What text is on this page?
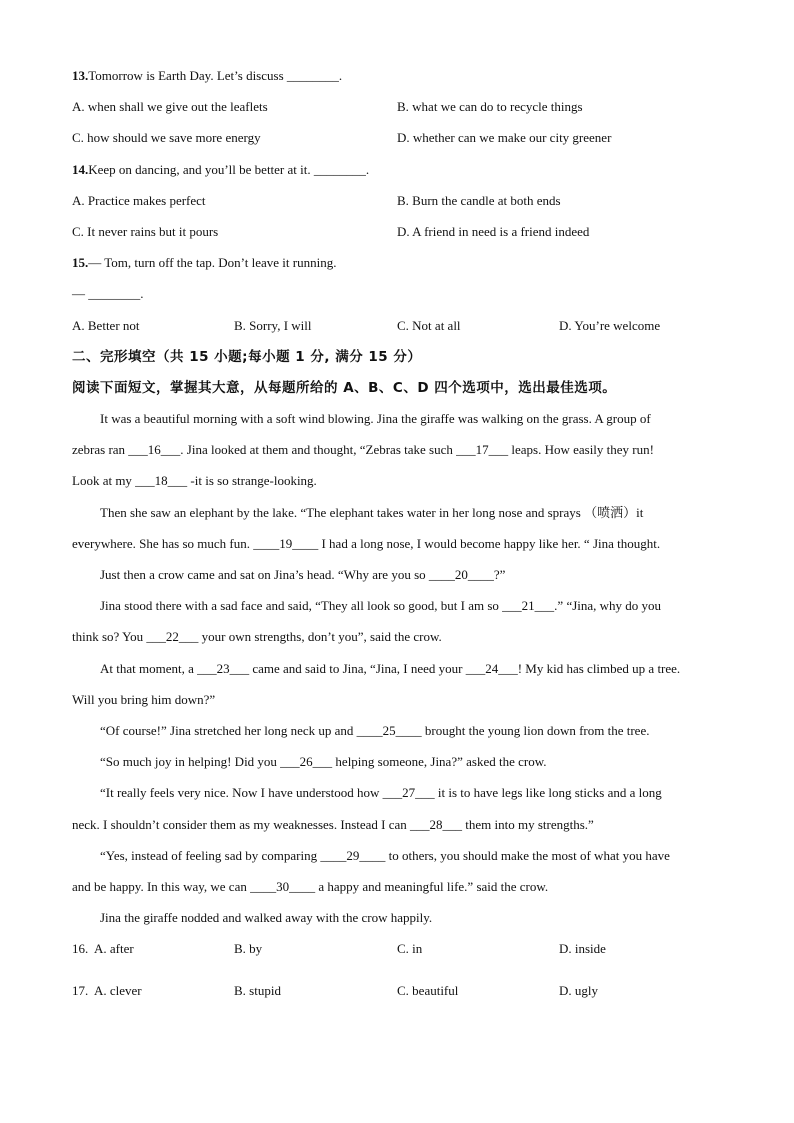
13. Tomorrow is Earth Day. Let’s discuss ________.
A. when shall we give out the leaflets	B. what we can do to recycle things
C. how should we save more energy	D. whether can we make our city greener
14. Keep on dancing, and you’ll be better at it. ________.
A. Practice makes perfect	B. Burn the candle at both ends
C. It never rains but it pours	D. A friend in need is a friend indeed
15. — Tom, turn off the tap. Don’t leave it running.
— ________.
A. Better not	B. Sorry, I will	C. Not at all	D. You’re welcome
二、完形填空（共 15 小题;每小题 1 分, 满分 15 分）
阅读下面短文，掌握其大意，从每题所给的 A、B、C、D 四个选项中，选出最佳选项。
It was a beautiful morning with a soft wind blowing. Jina the giraffe was walking on the grass. A group of
zebras ran ___16___. Jina looked at them and thought, “Zebras take such ___17___ leaps. How easily they run!
Look at my ___18___ -it is so strange-looking.
Then she saw an elephant by the lake. “The elephant takes water in her long nose and sprays （喷洒）it
everywhere. She has so much fun. ____19____ I had a long nose, I would become happy like her. “ Jina thought.
Just then a crow came and sat on Jina’s head. “Why are you so ____20____?”
Jina stood there with a sad face and said, “They all look so good, but I am so ___21___.” “Jina, why do you
think so? You ___22___ your own strengths, don’t you”, said the crow.
At that moment, a ___23___ came and said to Jina, “Jina, I need your ___24___! My kid has climbed up a tree.
Will you bring him down?”
“Of course!” Jina stretched her long neck up and ____25____ brought the young lion down from the tree.
“So much joy in helping! Did you ___26___ helping someone, Jina?” asked the crow.
“It really feels very nice. Now I have understood how ___27___ it is to have legs like long sticks and a long
neck. I shouldn’t consider them as my weaknesses. Instead I can ___28___ them into my strengths.”
“Yes, instead of feeling sad by comparing ____29____ to others, you should make the most of what you have
and be happy. In this way, we can ____30____ a happy and meaningful life.” said the crow.
Jina the giraffe nodded and walked away with the crow happily.
16. A. after	B. by	C. in	D. inside
17. A. clever	B. stupid	C. beautiful	D. ugly
